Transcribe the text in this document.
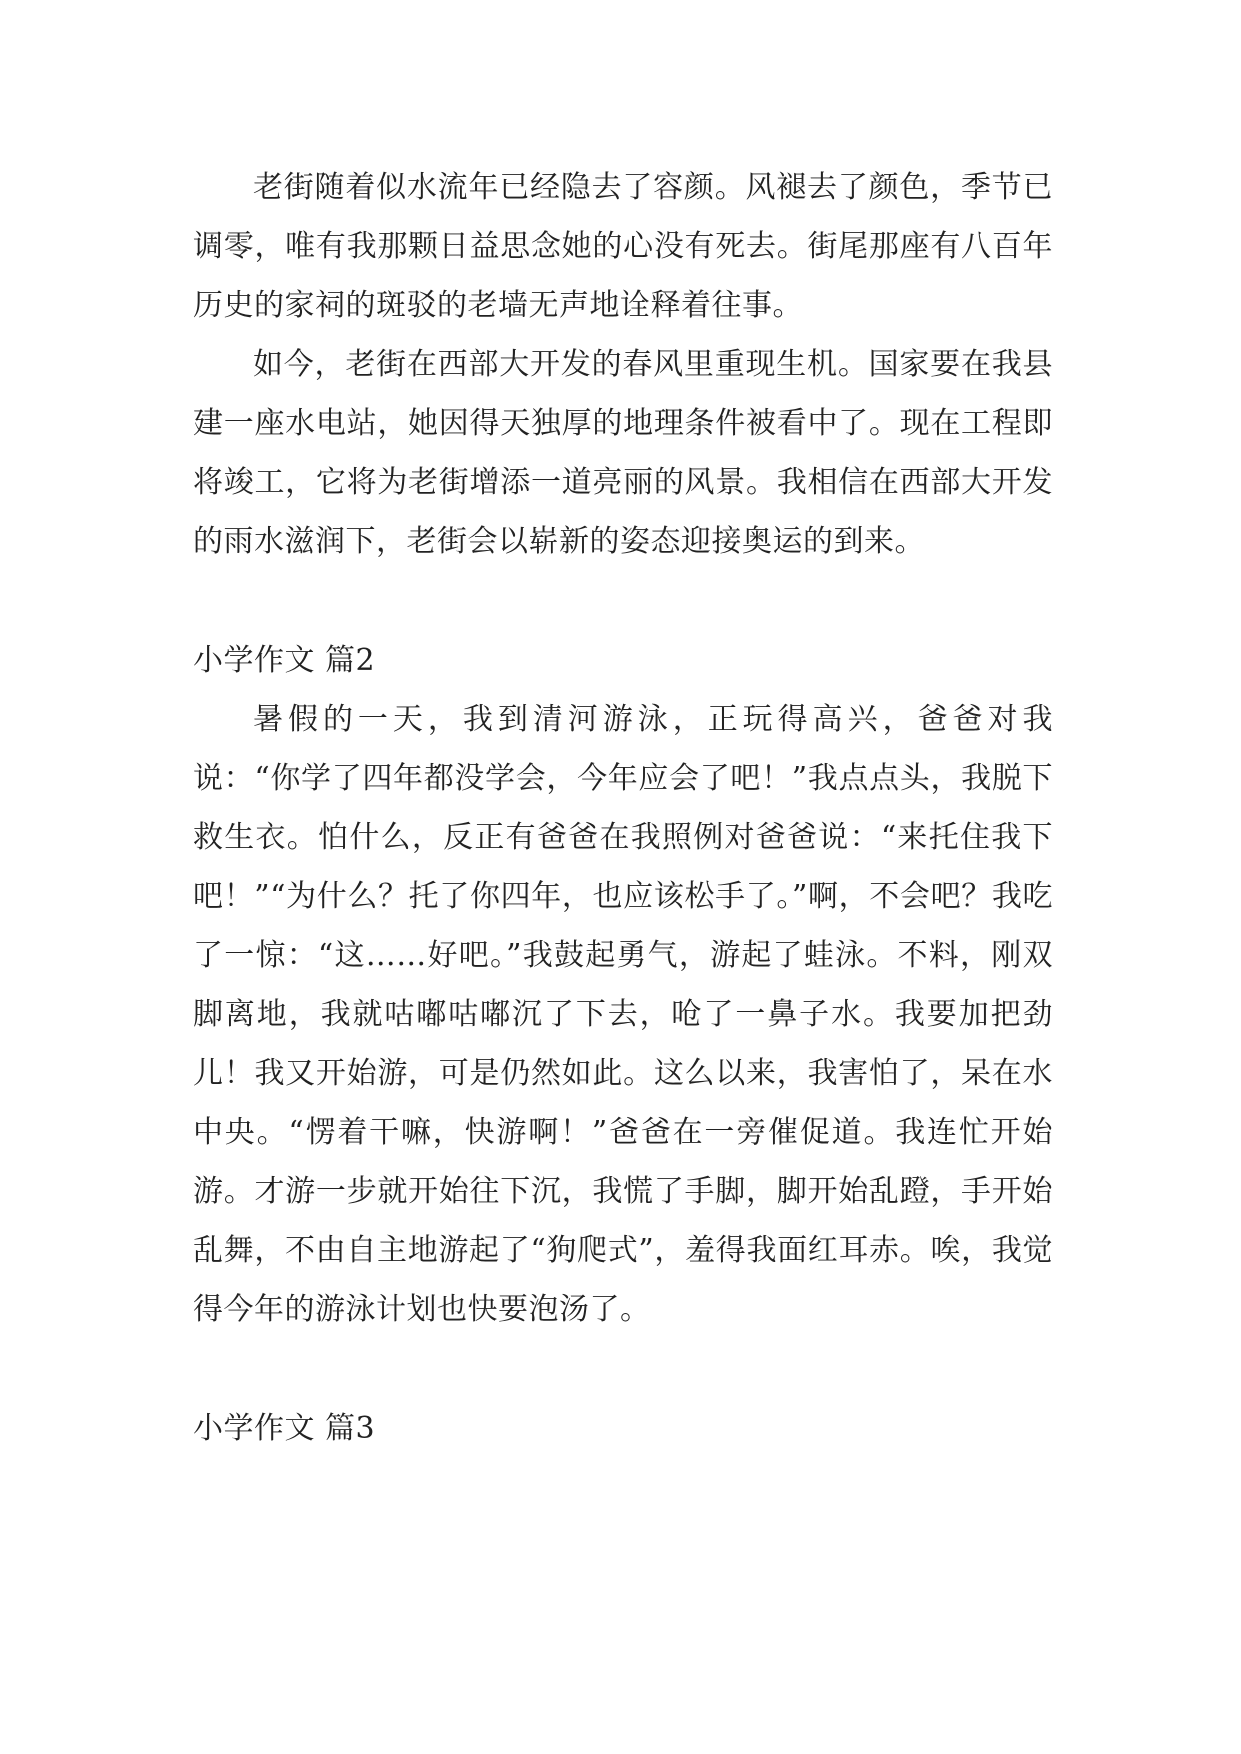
老街随着似水流年已经隐去了容颜。风褪去了颜色，季节已调零，唯有我那颗日益思念她的心没有死去。街尾那座有八百年历史的家祠的斑驳的老墙无声地诠释着往事。

如今，老街在西部大开发的春风里重现生机。国家要在我县建一座水电站，她因得天独厚的地理条件被看中了。现在工程即将竣工，它将为老街增添一道亮丽的风景。我相信在西部大开发的雨水滋润下，老街会以崭新的姿态迎接奥运的到来。

小学作文 篇2

暑假的一天，我到清河游泳，正玩得高兴，爸爸对我说：“你学了四年都没学会，今年应会了吧！”我点点头，我脱下救生衣。怕什么，反正有爸爸在我照例对爸爸说：“来托住我下吧！”“为什么？托了你四年，也应该松手了。”啊，不会吧？我吃了一惊：“这……好吧。”我鼓起勇气，游起了蛙泳。不料，刚双脚离地，我就咕嘟咕嘟沉了下去，呛了一鼻子水。我要加把劲儿！我又开始游，可是仍然如此。这么以来，我害怕了，呆在水中央。“愣着干嘛，快游啊！”爸爸在一旁催促道。我连忙开始游。才游一步就开始往下沉，我慌了手脚，脚开始乱蹬，手开始乱舞，不由自主地游起了“狗爬式”，羞得我面红耳赤。唉，我觉得今年的游泳计划也快要泡汤了。

小学作文 篇3
